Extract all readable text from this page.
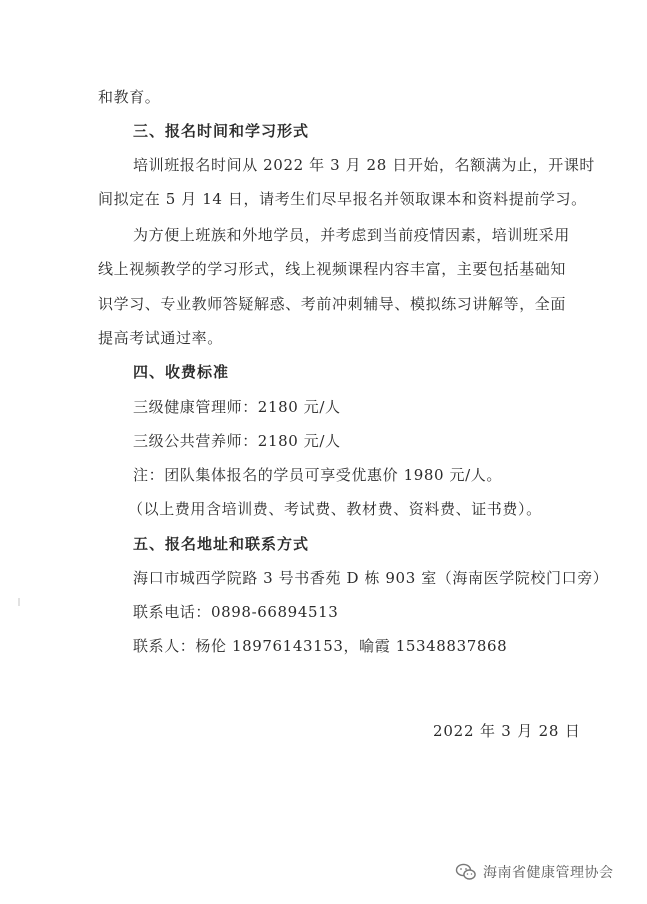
和教育。
三、报名时间和学习形式
培训班报名时间从 2022 年 3 月 28 日开始，名额满为止，开课时
间拟定在 5 月 14 日，请考生们尽早报名并领取课本和资料提前学习。
为方便上班族和外地学员，并考虑到当前疫情因素，培训班采用
线上视频教学的学习形式，线上视频课程内容丰富，主要包括基础知
识学习、专业教师答疑解惑、考前冲刺辅导、模拟练习讲解等，全面
提高考试通过率。
四、收费标准
三级健康管理师：2180 元/人
三级公共营养师：2180 元/人
注：团队集体报名的学员可享受优惠价 1980 元/人。
（以上费用含培训费、考试费、教材费、资料费、证书费）。
五、报名地址和联系方式
海口市城西学院路 3 号书香苑 D 栋 903 室（海南医学院校门口旁）
联系电话：0898-66894513
联系人：杨伦 18976143153，喻霞 15348837868
2022 年 3 月 28 日
海南省健康管理协会
